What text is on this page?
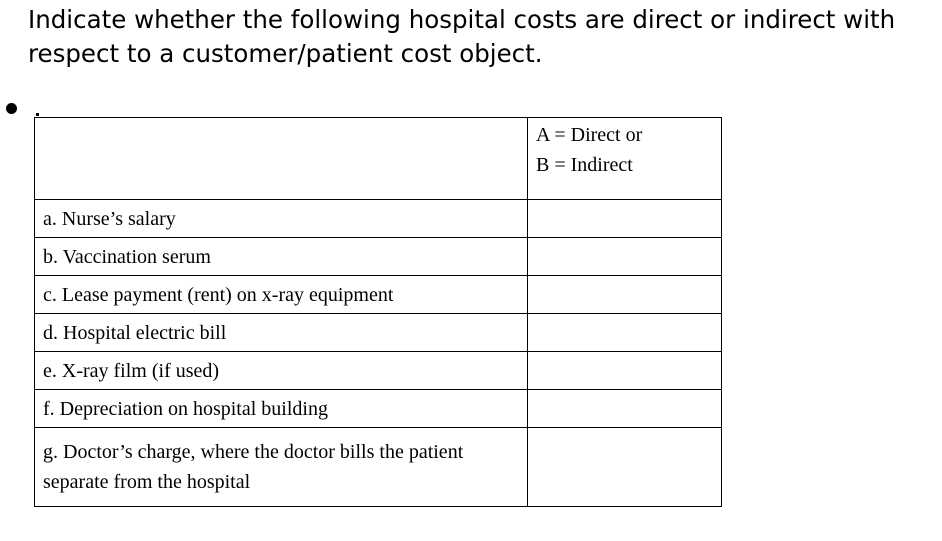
Indicate whether the following hospital costs are direct or indirect with respect to a customer/patient cost object.

	A = Direct or
B = Indirect

a. Nurse’s salary	
b. Vaccination serum	
c. Lease payment (rent) on x-ray equipment	
d. Hospital electric bill	
e. X-ray film (if used)	
f. Depreciation on hospital building	
g. Doctor’s charge, where the doctor bills the patient separate from the hospital	
